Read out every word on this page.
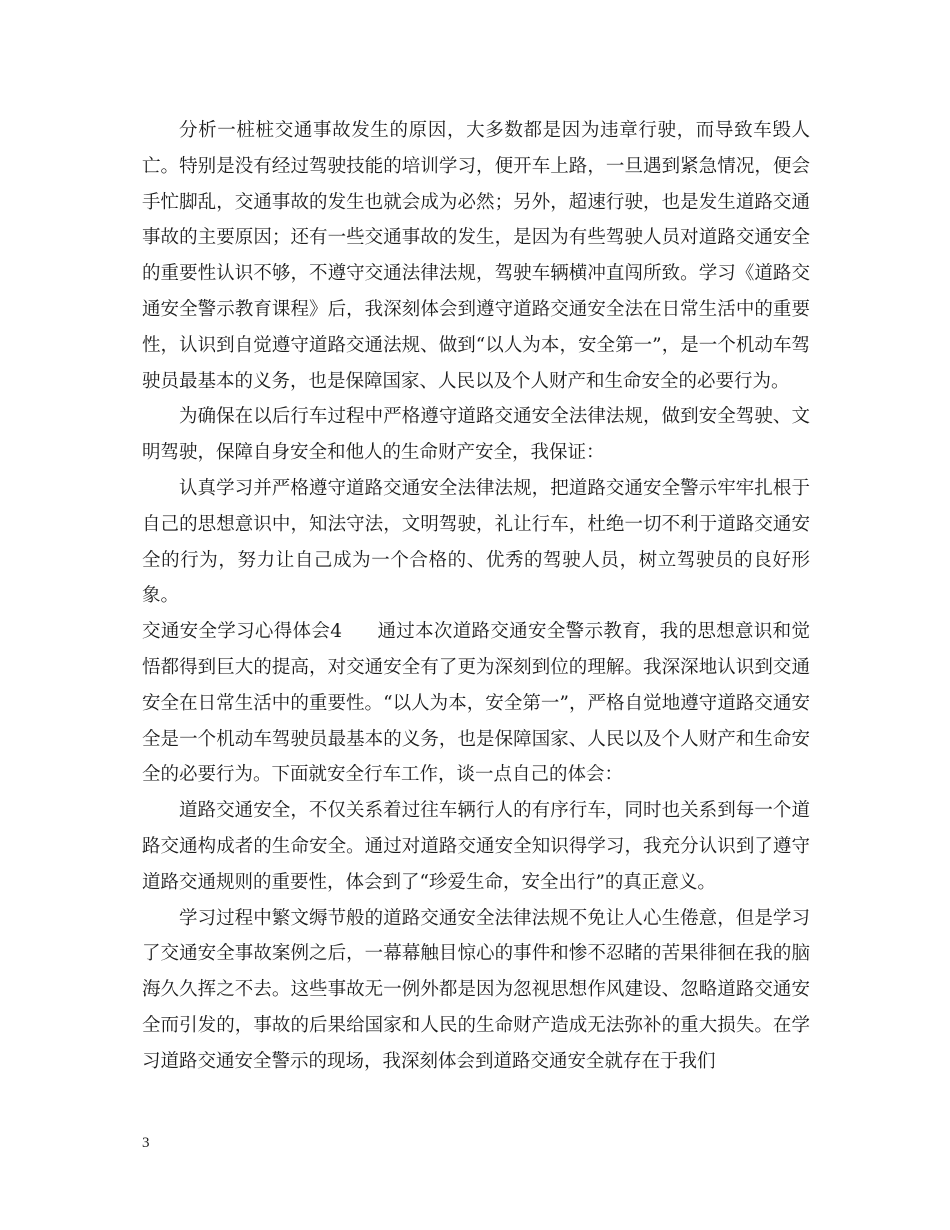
分析一桩桩交通事故发生的原因，大多数都是因为违章行驶，而导致车毁人亡。特别是没有经过驾驶技能的培训学习，便开车上路，一旦遇到紧急情况，便会手忙脚乱，交通事故的发生也就会成为必然；另外，超速行驶，也是发生道路交通事故的主要原因；还有一些交通事故的发生，是因为有些驾驶人员对道路交通安全的重要性认识不够，不遵守交通法律法规，驾驶车辆横冲直闯所致。学习《道路交通安全警示教育课程》后，我深刻体会到遵守道路交通安全法在日常生活中的重要性，认识到自觉遵守道路交通法规、做到“以人为本，安全第一”，是一个机动车驾驶员最基本的义务，也是保障国家、人民以及个人财产和生命安全的必要行为。

为确保在以后行车过程中严格遵守道路交通安全法律法规，做到安全驾驶、文明驾驶，保障自身安全和他人的生命财产安全，我保证：

认真学习并严格遵守道路交通安全法律法规，把道路交通安全警示牢牢扎根于自己的思想意识中，知法守法，文明驾驶，礼让行车，杜绝一切不利于道路交通安全的行为，努力让自己成为一个合格的、优秀的驾驶人员，树立驾驶员的良好形象。

交通安全学习心得体会4 通过本次道路交通安全警示教育，我的思想意识和觉悟都得到巨大的提高，对交通安全有了更为深刻到位的理解。我深深地认识到交通安全在日常生活中的重要性。“以人为本，安全第一”，严格自觉地遵守道路交通安全是一个机动车驾驶员最基本的义务，也是保障国家、人民以及个人财产和生命安全的必要行为。下面就安全行车工作，谈一点自己的体会：

道路交通安全，不仅关系着过往车辆行人的有序行车，同时也关系到每一个道路交通构成者的生命安全。通过对道路交通安全知识得学习，我充分认识到了遵守道路交通规则的重要性，体会到了“珍爱生命，安全出行”的真正意义。

学习过程中繁文缛节般的道路交通安全法律法规不免让人心生倦意，但是学习了交通安全事故案例之后，一幕幕触目惊心的事件和惨不忍睹的苦果徘徊在我的脑海久久挥之不去。这些事故无一例外都是因为忽视思想作风建设、忽略道路交通安全而引发的，事故的后果给国家和人民的生命财产造成无法弥补的重大损失。在学习道路交通安全警示的现场，我深刻体会到道路交通安全就存在于我们

3
